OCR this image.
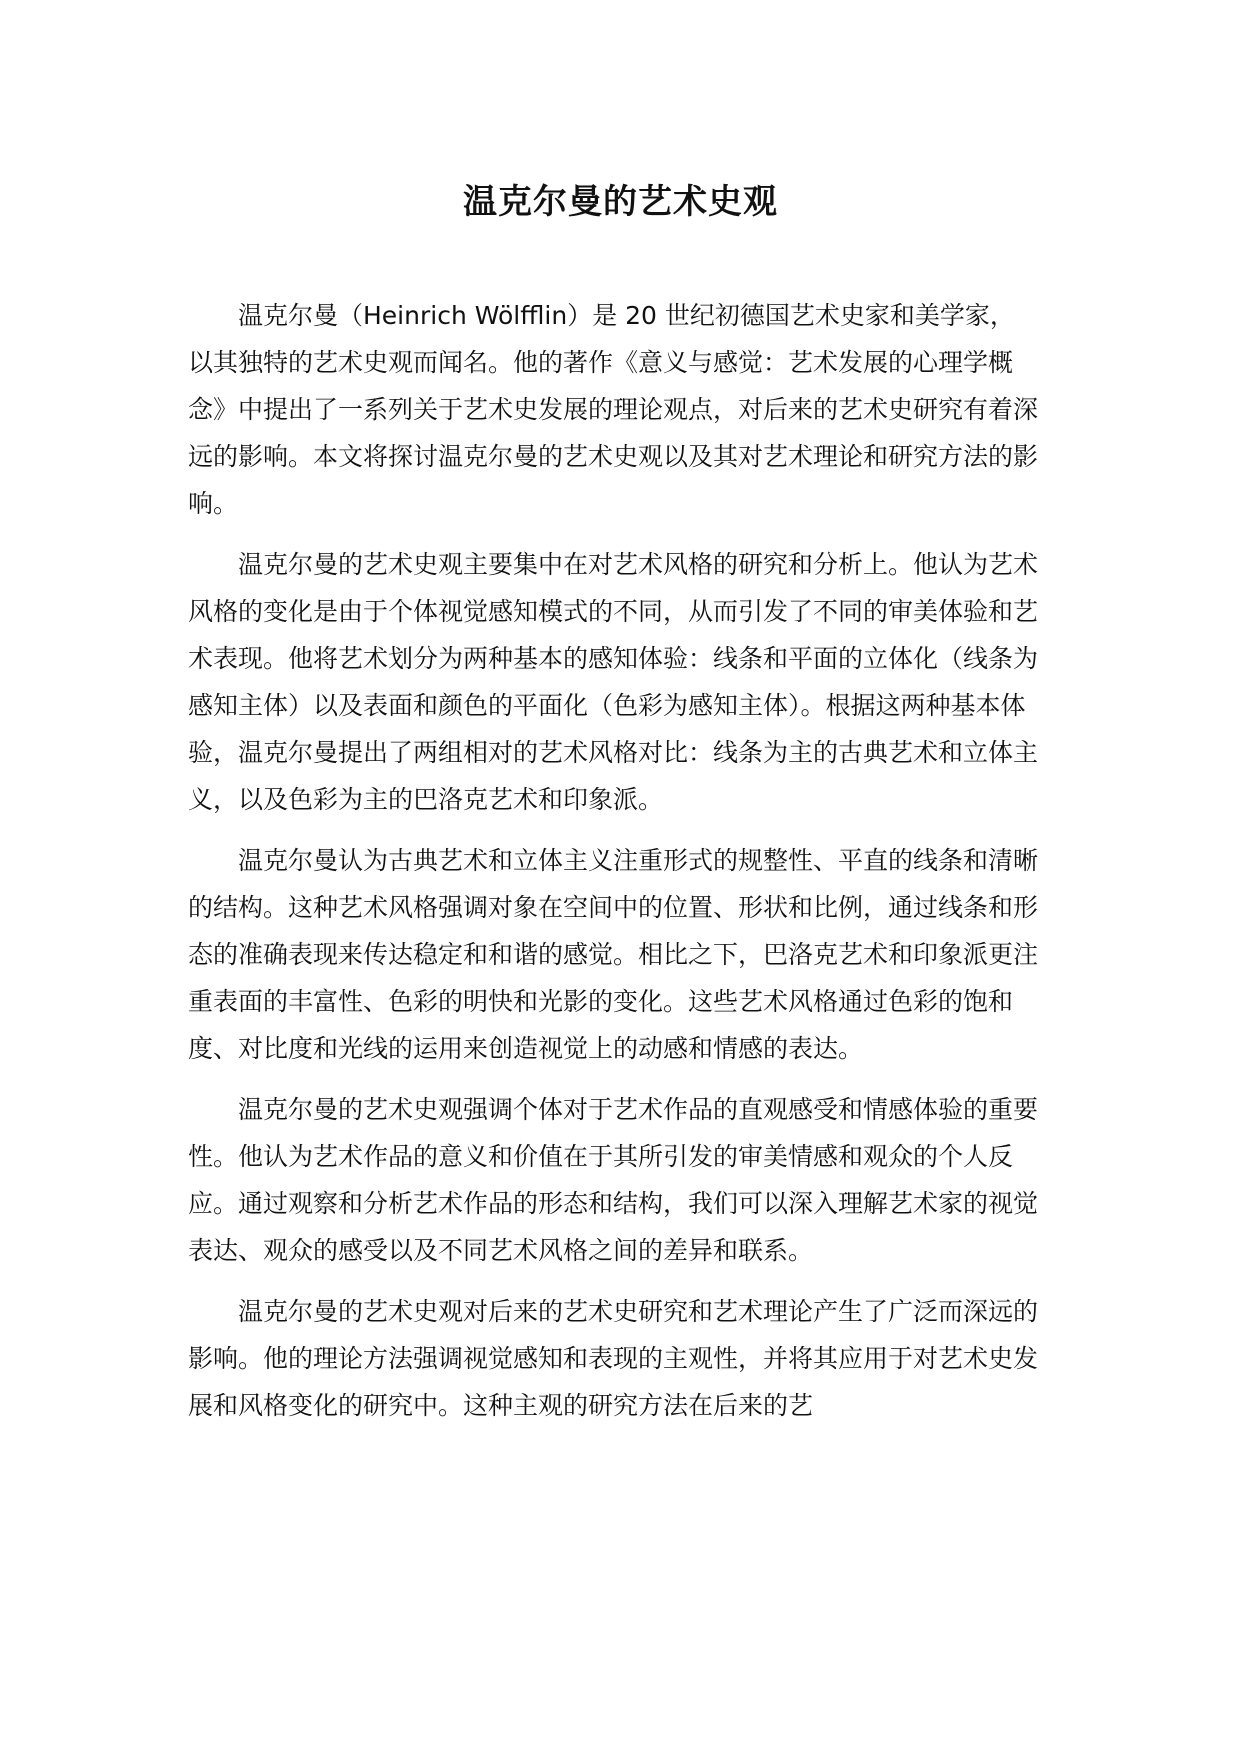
温克尔曼的艺术史观

温克尔曼（Heinrich Wölfflin）是 20 世纪初德国艺术史家和美学家，以其独特的艺术史观而闻名。他的著作《意义与感觉：艺术发展的心理学概念》中提出了一系列关于艺术史发展的理论观点，对后来的艺术史研究有着深远的影响。本文将探讨温克尔曼的艺术史观以及其对艺术理论和研究方法的影响。

温克尔曼的艺术史观主要集中在对艺术风格的研究和分析上。他认为艺术风格的变化是由于个体视觉感知模式的不同，从而引发了不同的审美体验和艺术表现。他将艺术划分为两种基本的感知体验：线条和平面的立体化（线条为感知主体）以及表面和颜色的平面化（色彩为感知主体）。根据这两种基本体验，温克尔曼提出了两组相对的艺术风格对比：线条为主的古典艺术和立体主义，以及色彩为主的巴洛克艺术和印象派。

温克尔曼认为古典艺术和立体主义注重形式的规整性、平直的线条和清晰的结构。这种艺术风格强调对象在空间中的位置、形状和比例，通过线条和形态的准确表现来传达稳定和和谐的感觉。相比之下，巴洛克艺术和印象派更注重表面的丰富性、色彩的明快和光影的变化。这些艺术风格通过色彩的饱和度、对比度和光线的运用来创造视觉上的动感和情感的表达。

温克尔曼的艺术史观强调个体对于艺术作品的直观感受和情感体验的重要性。他认为艺术作品的意义和价值在于其所引发的审美情感和观众的个人反应。通过观察和分析艺术作品的形态和结构，我们可以深入理解艺术家的视觉表达、观众的感受以及不同艺术风格之间的差异和联系。

温克尔曼的艺术史观对后来的艺术史研究和艺术理论产生了广泛而深远的影响。他的理论方法强调视觉感知和表现的主观性，并将其应用于对艺术史发展和风格变化的研究中。这种主观的研究方法在后来的艺
